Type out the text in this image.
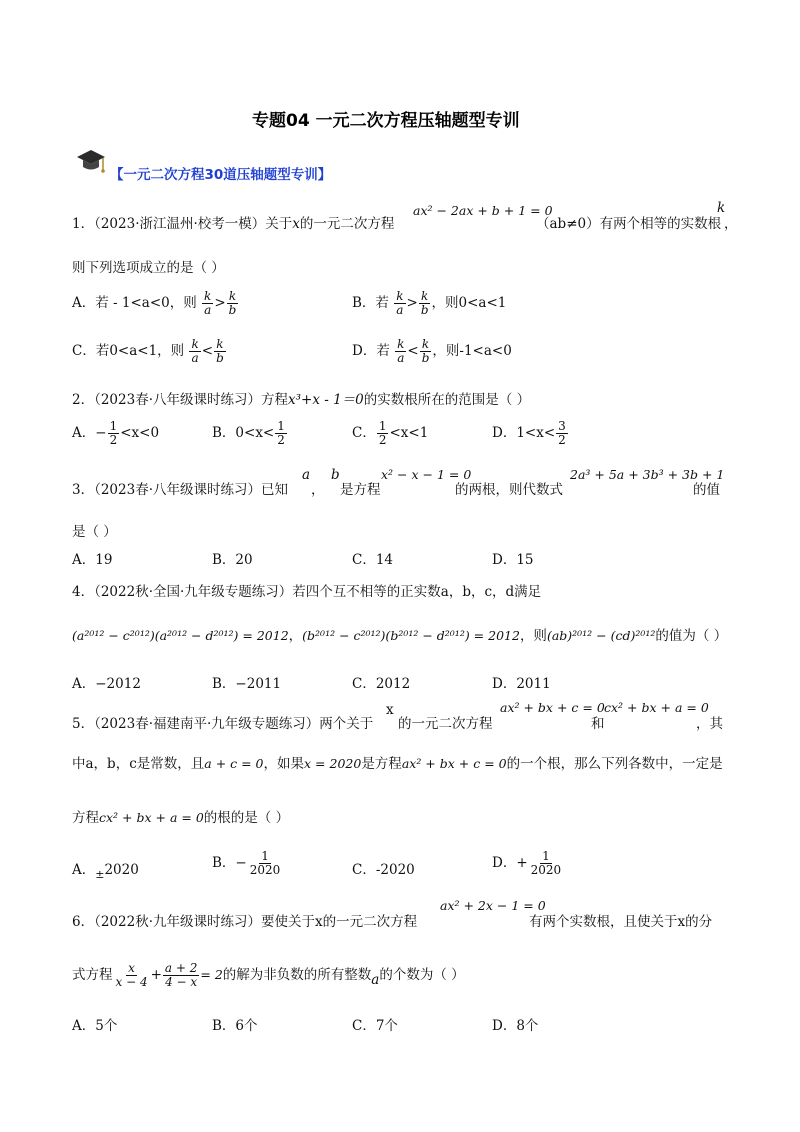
专题04 一元二次方程压轴题型专训
【一元二次方程30道压轴题型专训】
1．（2023·浙江温州·校考一模）关于x的一元二次方程
ax² − 2ax + b + 1 = 0
（ab≠0）有两个相等的实数根
k
，
则下列选项成立的是（ ）
A．若 - 1<a<0，则 $\frac{k}{a} > \frac{k}{b}$	B．若 $\frac{k}{a} > \frac{k}{b}$ ，则0<a<1
C．若0<a<1，则 $\frac{k}{a} < \frac{k}{b}$	D．若 $\frac{k}{a} < \frac{k}{b}$ ，则-1<a<0
2．（2023春·八年级课时练习）方程x³+x - 1＝0的实数根所在的范围是（ ）
A．− $\frac{1}{2} <x<0$	B．$0<x< \frac{1}{2}$	C． $\frac{1}{2} <x<1$	D．$1<x< \frac{3}{2}$
3．（2023春·八年级课时练习）已知
a
，
b
是方程
x² − x − 1 = 0
的两根，则代数式
2a³ + 5a + 3b³ + 3b + 1
的值
是（ ）
A．19	B．20	C．14	D．15
4．（2022秋·全国·九年级专题练习）若四个互不相等的正实数a，b，c，d满足
(a²⁰¹² − c²⁰¹²)(a²⁰¹² − d²⁰¹²) = 2012，(b²⁰¹² − c²⁰¹²)(b²⁰¹² − d²⁰¹²) = 2012，则(ab)²⁰¹² − (cd)²⁰¹²的值为（ ）
A．−2012	B．−2011	C．2012	D．2011
5．（2023春·福建南平·九年级专题练习）两个关于
x
的一元二次方程
ax² + bx + c = 0
和
cx² + bx + a = 0
，其
中a，b，c是常数，且a + c = 0，如果x = 2020是方程ax² + bx + c = 0的一个根，那么下列各数中，一定是
方程cx² + bx + a = 0的根的是（ ）
A．$_\pm$2020	B．− $\frac{1}{2020}$	C．-2020	D．+ $\frac{1}{2020}$
6．（2022秋·九年级课时练习）要使关于x的一元二次方程
ax² + 2x − 1 = 0
有两个实数根，且使关于x的分
式方程 $\frac{x}{x - 4} + \frac{a + 2}{4 - x} = 2$的解为非负数的所有整数a的个数为（ ）
A．5个	B．6个	C．7个	D．8个
